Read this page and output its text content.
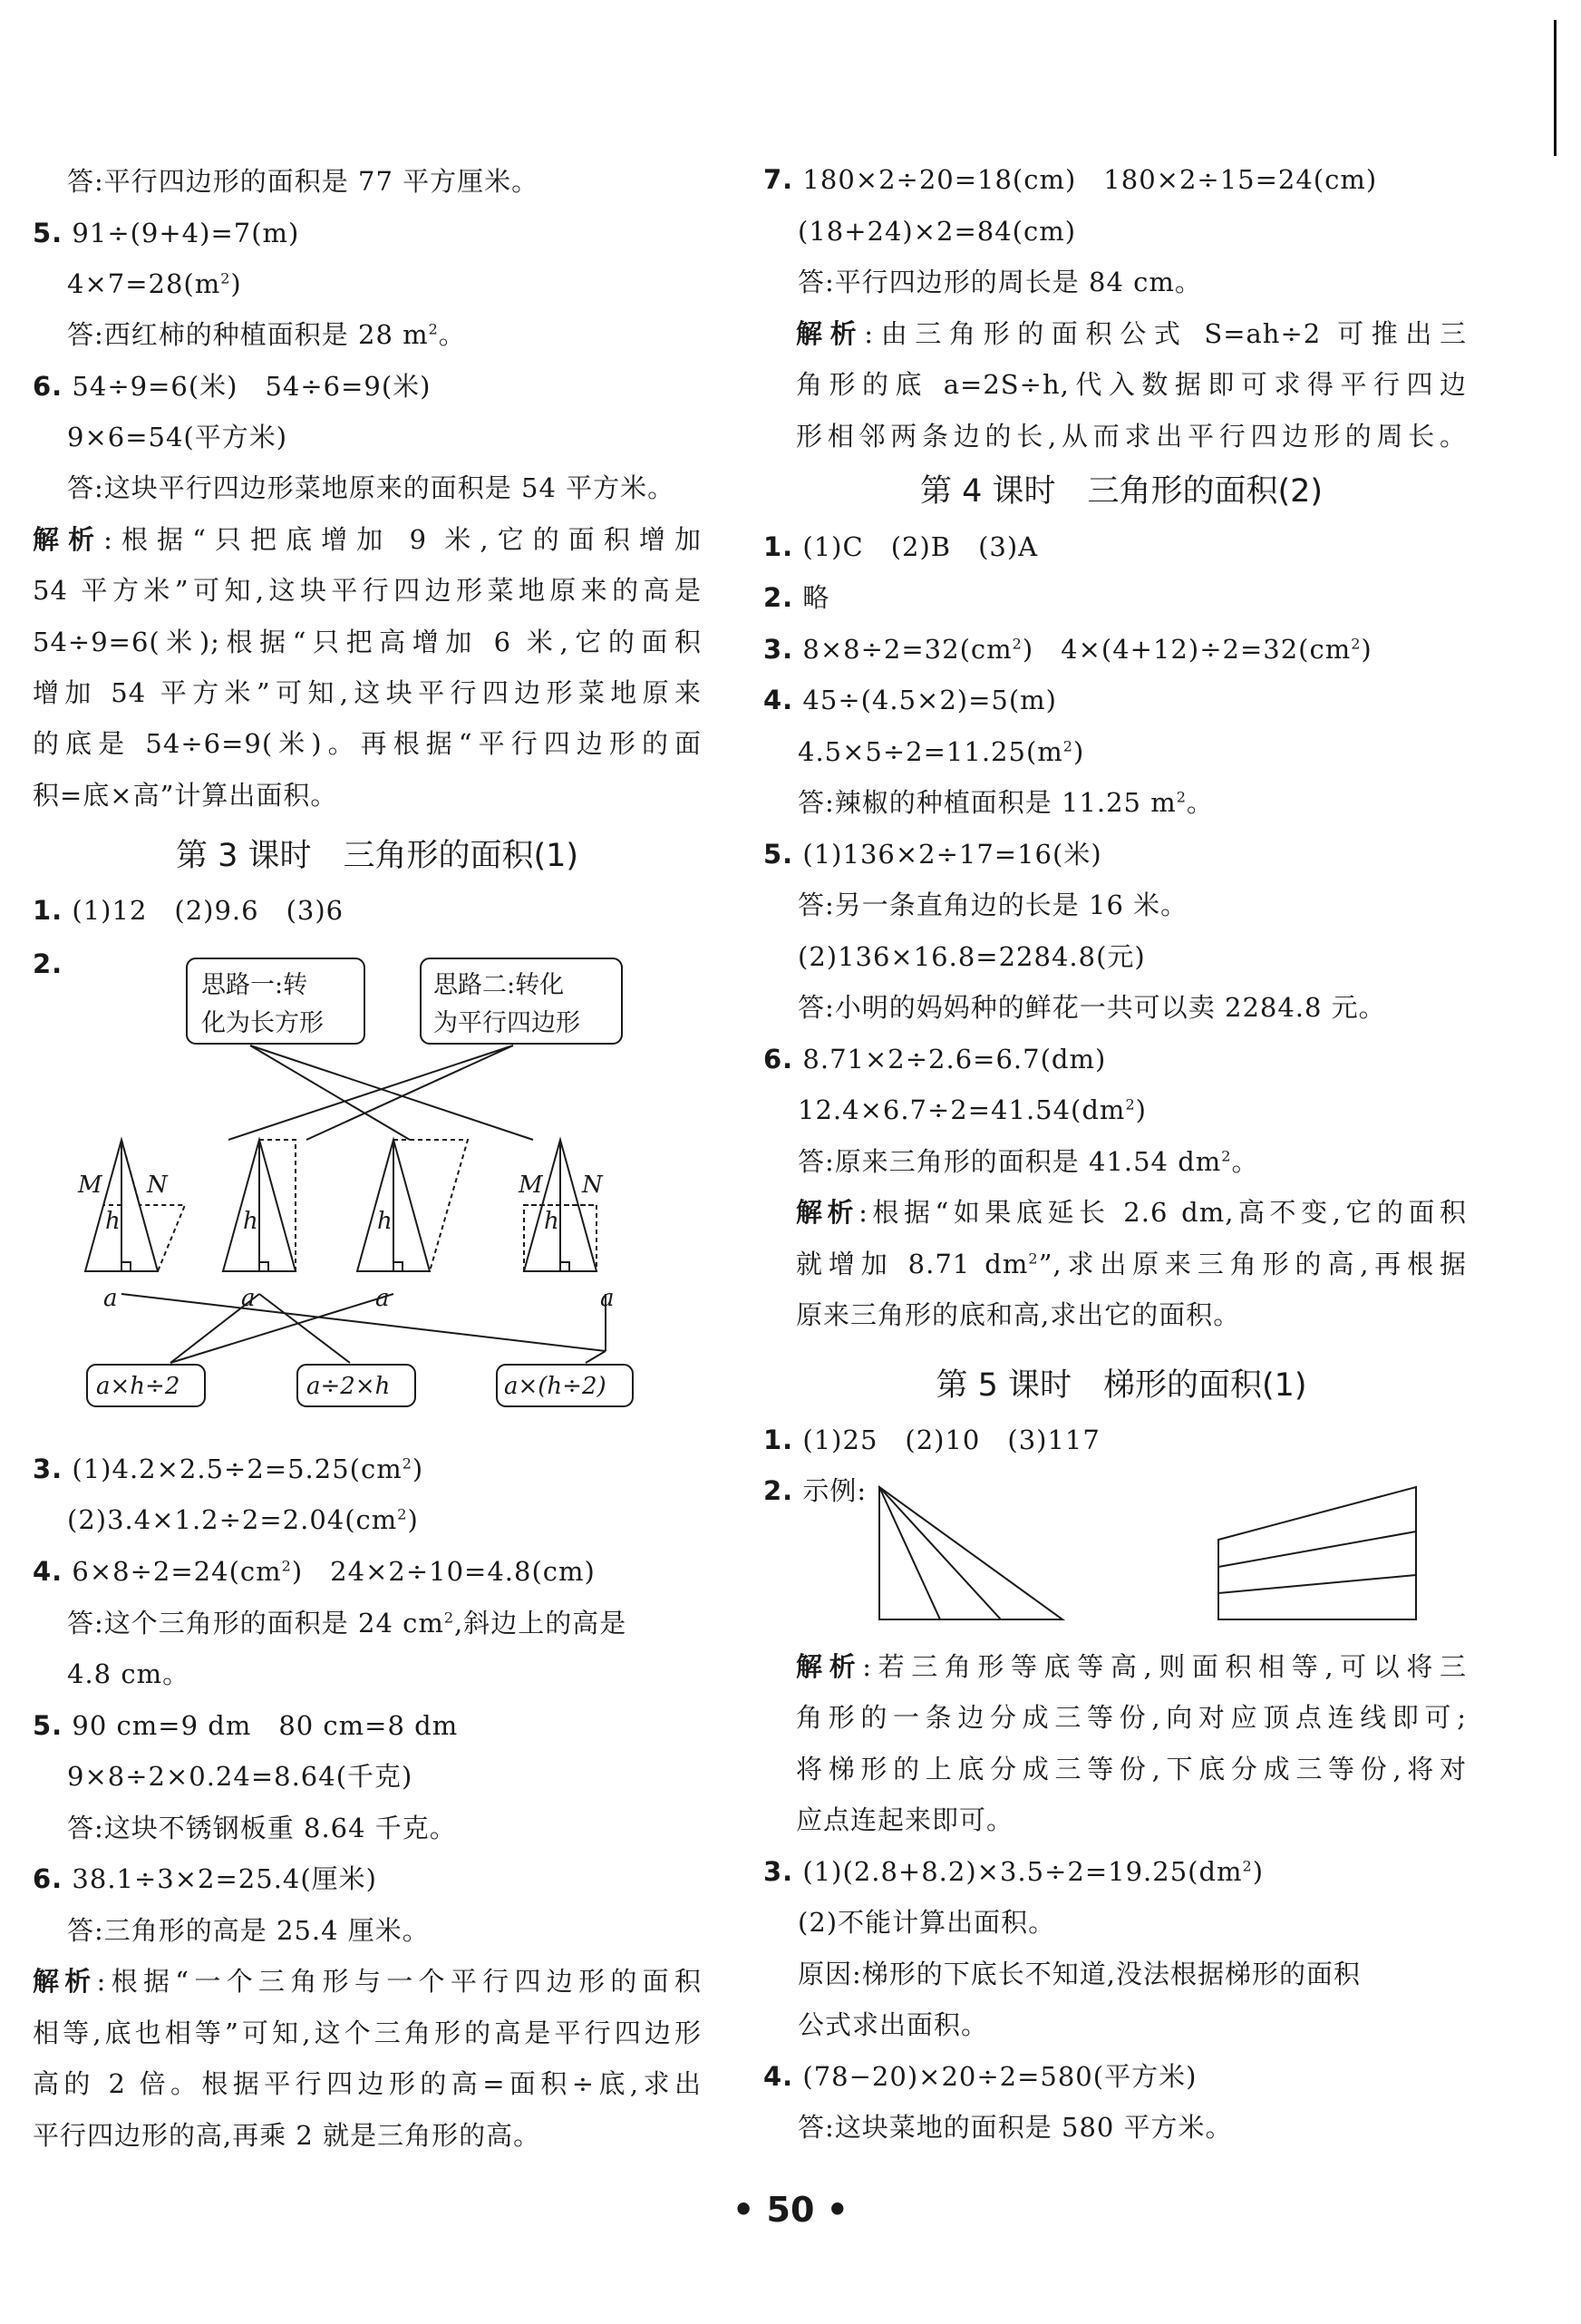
答:平行四边形的面积是 77 平方厘米。
5. 91÷(9+4)=7(m)
$4\times 7=28(m^2)$
答:西红柿的种植面积是 28 $m^2$。
6. 54÷9=6(米)　54÷6=9(米)
9×6=54(平方米)
答:这块平行四边形菜地原来的面积是 54 平方米。
解析:根据“只把底增加 9 米,它的面积增加
54 平方米”可知,这块平行四边形菜地原来的高是
54÷9=6(米);根据“只把高增加 6 米,它的面积
增加 54 平方米”可知,这块平行四边形菜地原来
的底是 54÷6=9(米)。再根据“平行四边形的面
积=底×高”计算出面积。
第 3 课时　三角形的面积(1)
1. (1)12　(2)9.6　(3)6
2.
思路一:转
化为长方形
思路二:转化
为平行四边形
M N
h
a
h
a
h
a
M N
h
a
a×h÷2	a÷2×h	a×(h÷2)
3. $(1)4.2\times 2.5\div 2=5.25(cm^2)$
$(2)3.4\times 1.2\div 2=2.04(cm^2)$
4. $6\times 8\div 2=24(cm^2)$　 24×2÷10=4.8(cm)
答:这个三角形的面积是 24 $cm^2$,斜边上的高是
4.8 cm。
5. 90 cm=9 dm　80 cm=8 dm
9×8÷2×0.24=8.64(千克)
答:这块不锈钢板重 8.64 千克。
6. 38.1÷3×2=25.4(厘米)
答:三角形的高是 25.4 厘米。
解析:根据“一个三角形与一个平行四边形的面积
相等,底也相等”可知,这个三角形的高是平行四边形
高的 2 倍。根据平行四边形的高=面积÷底,求出
平行四边形的高,再乘 2 就是三角形的高。
7. 180×2÷20=18(cm)　180×2÷15=24(cm)
(18+24)×2=84(cm)
答:平行四边形的周长是 84 cm。
解析:由三角形的面积公式 S=ah÷2 可推出三
角形的底 a=2S÷h,代入数据即可求得平行四边
形相邻两条边的长,从而求出平行四边形的周长。
第 4 课时　三角形的面积(2)
1. (1)C　(2)B　(3)A
2. 略
3. $8\times 8\div 2=32(cm^2)$　 $4\times(4+12)\div 2=32(cm^2)$
4. 45÷(4.5×2)=5(m)
$4.5\times 5\div 2=11.25(m^2)$
答:辣椒的种植面积是 11.25 $m^2$。
5. (1)136×2÷17=16(米)
答:另一条直角边的长是 16 米。
(2)136×16.8=2284.8(元)
答:小明的妈妈种的鲜花一共可以卖 2284.8 元。
6. 8.71×2÷2.6=6.7(dm)
$12.4\times 6.7\div 2=41.54(dm^2)$
答:原来三角形的面积是 41.54 $dm^2$。
解析:根据“如果底延长 2.6 dm,高不变,它的面积
就增加 8.71 $dm^2$”,求出原来三角形的高,再根据
原来三角形的底和高,求出它的面积。
第 5 课时　梯形的面积(1)
1. (1)25　(2)10　(3)117
2. 示例:
解析:若三角形等底等高,则面积相等,可以将三
角形的一条边分成三等份,向对应顶点连线即可;
将梯形的上底分成三等份,下底分成三等份,将对
应点连起来即可。
3. $(1)(2.8+8.2)\times 3.5\div 2=19.25(dm^2)$
(2)不能计算出面积。
原因:梯形的下底长不知道,没法根据梯形的面积
公式求出面积。
4. (78−20)×20÷2=580(平方米)
答:这块菜地的面积是 580 平方米。
• 50 •
